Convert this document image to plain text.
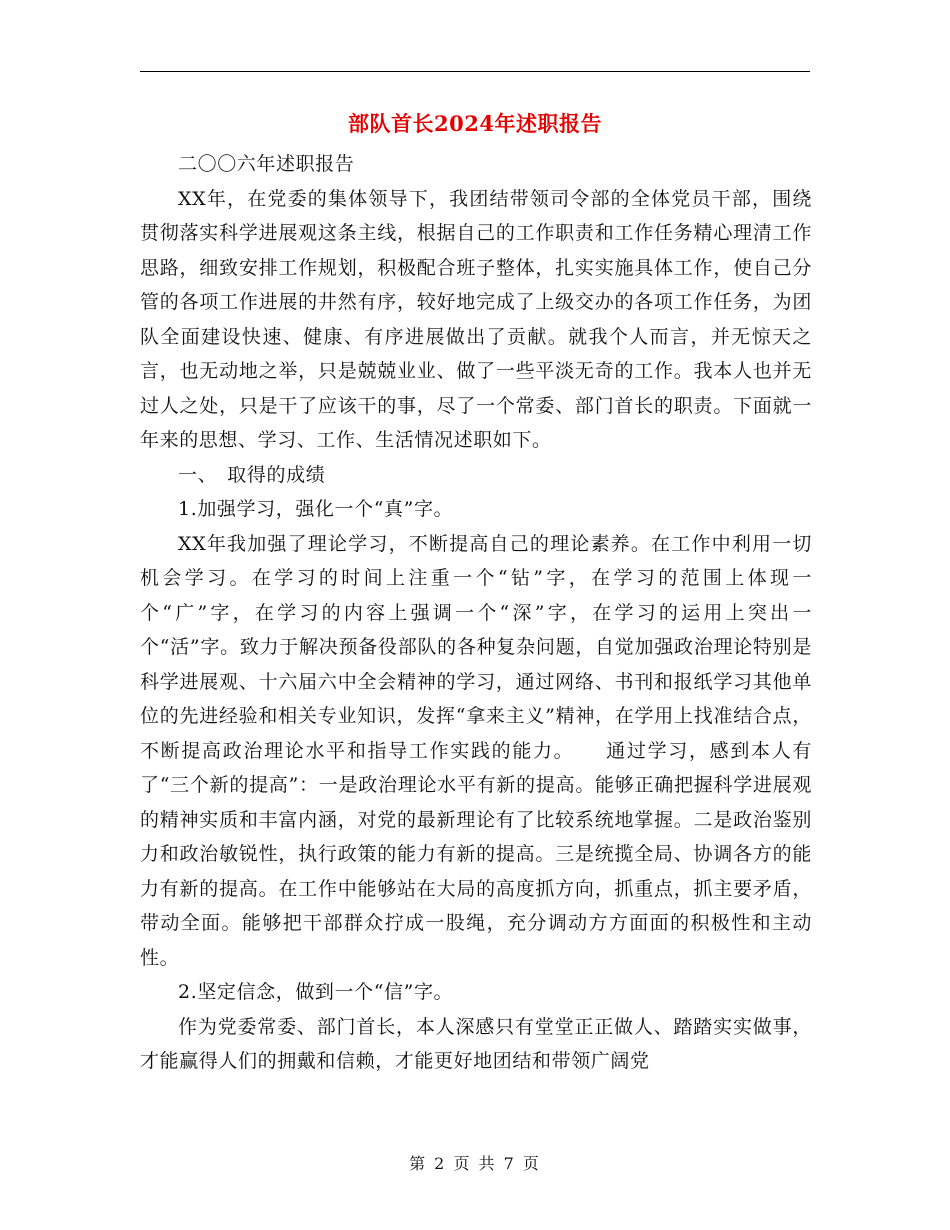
部队首长2024年述职报告

二〇〇六年述职报告

XX年，在党委的集体领导下，我团结带领司令部的全体党员干部，围绕贯彻落实科学进展观这条主线，根据自己的工作职责和工作任务精心理清工作思路，细致安排工作规划，积极配合班子整体，扎实实施具体工作，使自己分管的各项工作进展的井然有序，较好地完成了上级交办的各项工作任务，为团队全面建设快速、健康、有序进展做出了贡献。就我个人而言，并无惊天之言，也无动地之举，只是兢兢业业、做了一些平淡无奇的工作。我本人也并无过人之处，只是干了应该干的事，尽了一个常委、部门首长的职责。下面就一年来的思想、学习、工作、生活情况述职如下。

一、　取得的成绩

1.加强学习，强化一个“真”字。

XX年我加强了理论学习，不断提高自己的理论素养。在工作中利用一切机会学习。在学习的时间上注重一个“钻”字，在学习的范围上体现一个“广”字，在学习的内容上强调一个“深”字，在学习的运用上突出一个“活”字。致力于解决预备役部队的各种复杂问题，自觉加强政治理论特别是科学进展观、十六届六中全会精神的学习，通过网络、书刊和报纸学习其他单位的先进经验和相关专业知识，发挥“拿来主义”精神，在学用上找准结合点，不断提高政治理论水平和指导工作实践的能力。　　通过学习，感到本人有了“三个新的提高”：一是政治理论水平有新的提高。能够正确把握科学进展观的精神实质和丰富内涵，对党的最新理论有了比较系统地掌握。二是政治鉴别力和政治敏锐性，执行政策的能力有新的提高。三是统揽全局、协调各方的能力有新的提高。在工作中能够站在大局的高度抓方向，抓重点，抓主要矛盾，带动全面。能够把干部群众拧成一股绳，充分调动方方面面的积极性和主动性。

2.坚定信念，做到一个“信”字。

作为党委常委、部门首长，本人深感只有堂堂正正做人、踏踏实实做事，才能赢得人们的拥戴和信赖，才能更好地团结和带领广阔党

第 2 页 共 7 页
